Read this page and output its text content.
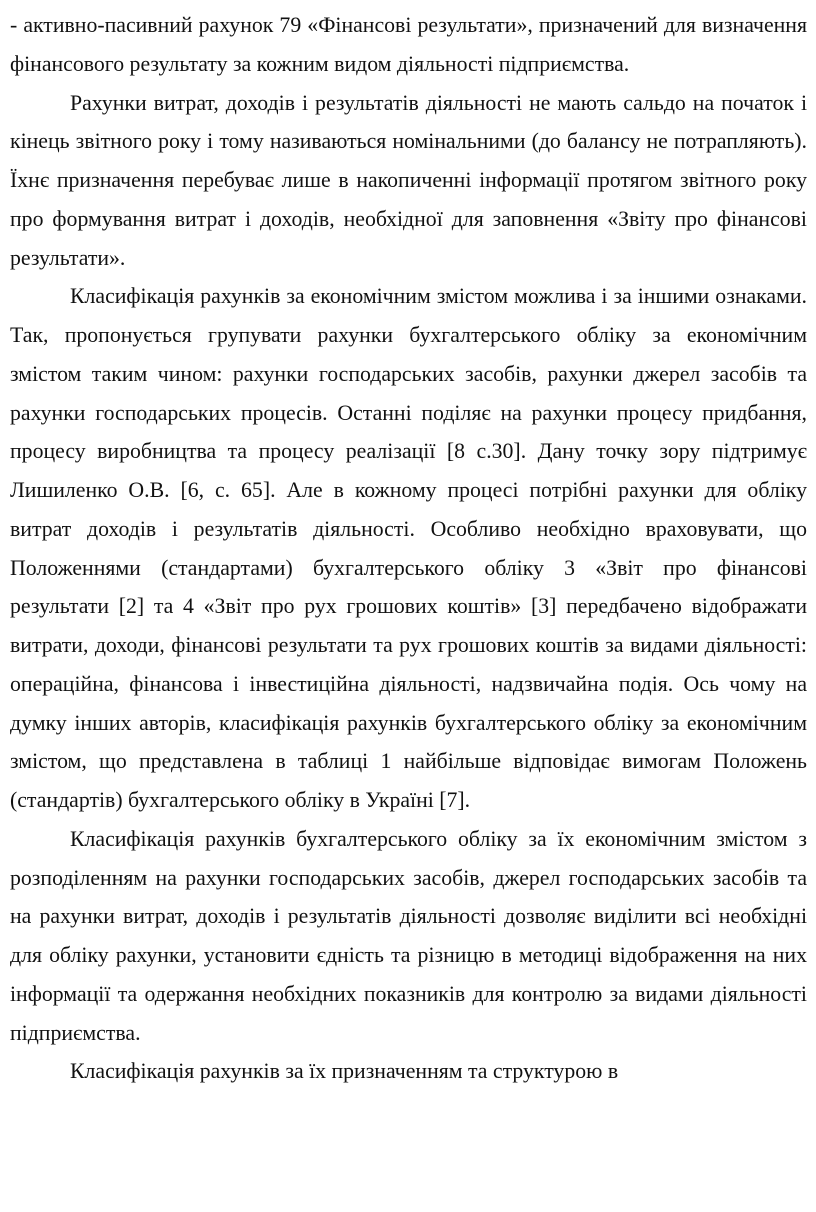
- активно-пасивний рахунок 79 «Фінансові результати», призначений для визначення фінансового результату за кожним видом діяльності підприємства.

Рахунки витрат, доходів і результатів діяльності не мають сальдо на початок і кінець звітного року і тому називаються номінальними (до балансу не потрапляють). Їхнє призначення перебуває лише в накопиченні інформації протягом звітного року про формування витрат і доходів, необхідної для заповнення «Звіту про фінансові результати».

Класифікація рахунків за економічним змістом можлива і за іншими ознаками. Так, пропонується групувати рахунки бухгалтерського обліку за економічним змістом таким чином: рахунки господарських засобів, рахунки джерел засобів та рахунки господарських процесів. Останні поділяє на рахунки процесу придбання, процесу виробництва та процесу реалізації [8 с.30]. Дану точку зору підтримує Лишиленко О.В. [6, с. 65]. Але в кожному процесі потрібні рахунки для обліку витрат доходів і результатів діяльності. Особливо необхідно враховувати, що Положеннями (стандартами) бухгалтерського обліку 3 «Звіт про фінансові результати [2] та 4 «Звіт про рух грошових коштів» [3] передбачено відображати витрати, доходи, фінансові результати та рух грошових коштів за видами діяльності: операційна, фінансова і інвестиційна діяльності, надзвичайна подія. Ось чому на думку інших авторів, класифікація рахунків бухгалтерського обліку за економічним змістом, що представлена в таблиці 1 найбільше відповідає вимогам Положень (стандартів) бухгалтерського обліку в Україні [7].

Класифікація рахунків бухгалтерського обліку за їх економічним змістом з розподіленням на рахунки господарських засобів, джерел господарських засобів та на рахунки витрат, доходів і результатів діяльності дозволяє виділити всі необхідні для обліку рахунки, установити єдність та різницю в методиці відображення на них інформації та одержання необхідних показників для контролю за видами діяльності підприємства.

Класифікація рахунків за їх призначенням та структурою в
